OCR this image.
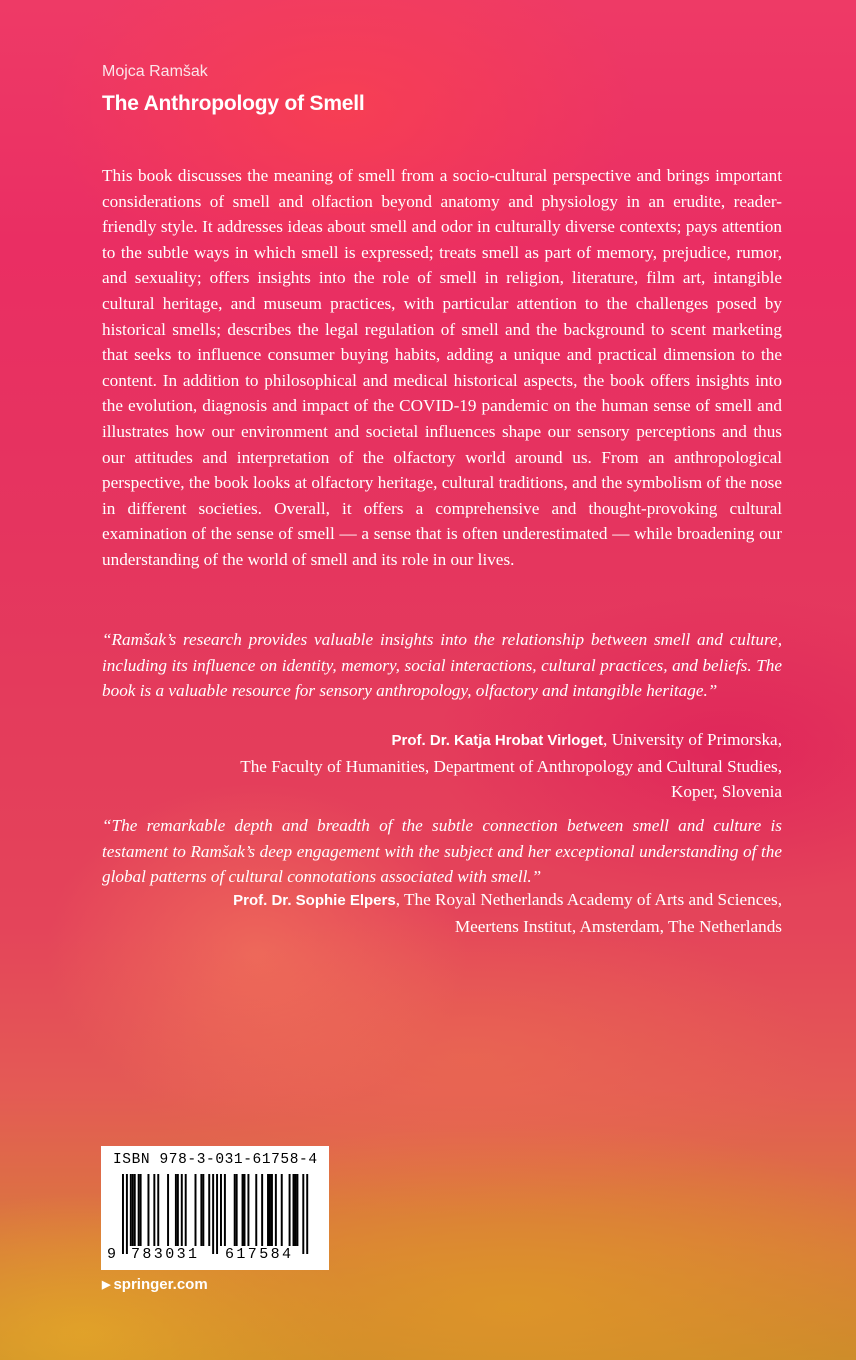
Mojca Ramšak
The Anthropology of Smell

This book discusses the meaning of smell from a socio-cultural perspective and brings important considerations of smell and olfaction beyond anatomy and physiology in an erudite, reader-friendly style. It addresses ideas about smell and odor in culturally diverse contexts; pays attention to the subtle ways in which smell is expressed; treats smell as part of memory, prejudice, rumor, and sexuality; offers insights into the role of smell in religion, literature, film art, intangible cultural heritage, and museum practices, with particular attention to the challenges posed by historical smells; describes the legal regulation of smell and the background to scent marketing that seeks to influence consumer buying habits, adding a unique and practical dimension to the content. In addition to philosophical and medical historical aspects, the book offers insights into the evolution, diagnosis and impact of the COVID-19 pandemic on the human sense of smell and illustrates how our environment and societal influences shape our sensory perceptions and thus our attitudes and interpretation of the olfactory world around us. From an anthropological perspective, the book looks at olfactory heritage, cultural traditions, and the symbolism of the nose in different societies. Overall, it offers a comprehensive and thought-provoking cultural examination of the sense of smell — a sense that is often underestimated — while broadening our understanding of the world of smell and its role in our lives.

“Ramšak’s research provides valuable insights into the relationship between smell and culture, including its influence on identity, memory, social interactions, cultural practices, and beliefs. The book is a valuable resource for sensory anthropology, olfactory and intangible heritage.”

Prof. Dr. Katja Hrobat Virloget, University of Primorska,
The Faculty of Humanities, Department of Anthropology and Cultural Studies,
Koper, Slovenia

“The remarkable depth and breadth of the subtle connection between smell and culture is testament to Ramšak’s deep engagement with the subject and her exceptional understanding of the global patterns of cultural connotations associated with smell.”

Prof. Dr. Sophie Elpers, The Royal Netherlands Academy of Arts and Sciences,
Meertens Institut, Amsterdam, The Netherlands

ISBN 978-3-031-61758-4
9 783031 617584
▶ springer.com
